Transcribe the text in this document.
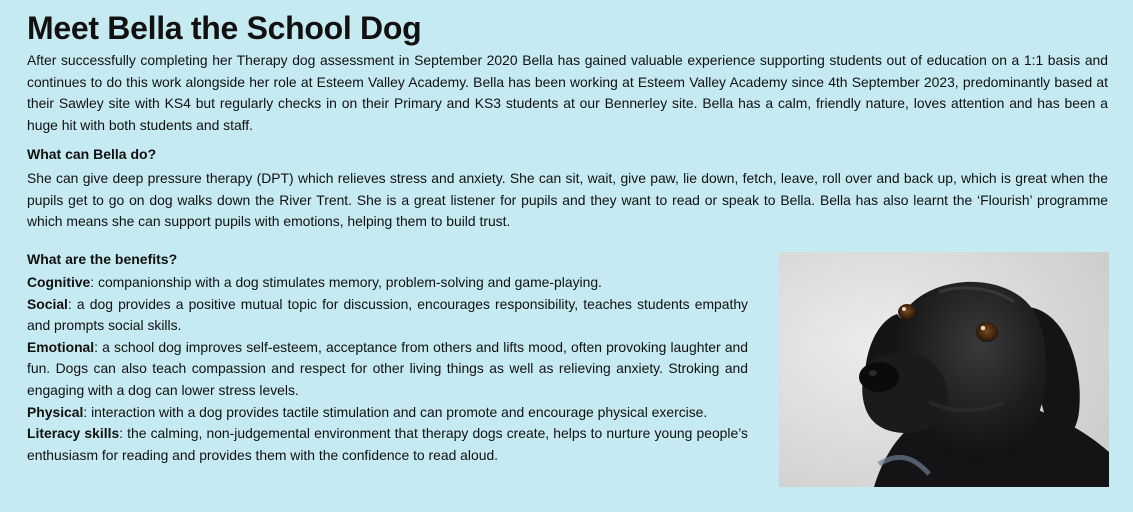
Meet Bella the School Dog

After successfully completing her Therapy dog assessment in September 2020 Bella has gained valuable experience supporting students out of education on a 1:1 basis and continues to do this work alongside her role at Esteem Valley Academy. Bella has been working at Esteem Valley Academy since 4th September 2023, predominantly based at their Sawley site with KS4 but regularly checks in on their Primary and KS3 students at our Bennerley site. Bella has a calm, friendly nature, loves attention and has been a huge hit with both students and staff.

What can Bella do?

She can give deep pressure therapy (DPT) which relieves stress and anxiety. She can sit, wait, give paw, lie down, fetch, leave, roll over and back up, which is great when the pupils get to go on dog walks down the River Trent. She is a great listener for pupils and they want to read or speak to Bella. Bella has also learnt the ‘Flourish’ programme which means she can support pupils with emotions, helping them to build trust.

What are the benefits?

Cognitive: companionship with a dog stimulates memory, problem-solving and game-playing.

Social: a dog provides a positive mutual topic for discussion, encourages responsibility, teaches students empathy and prompts social skills.

Emotional: a school dog improves self-esteem, acceptance from others and lifts mood, often provoking laughter and fun. Dogs can also teach compassion and respect for other living things as well as relieving anxiety. Stroking and engaging with a dog can lower stress levels.

Physical: interaction with a dog provides tactile stimulation and can promote and encourage physical exercise.

Literacy skills: the calming, non-judgemental environment that therapy dogs create, helps to nurture young people’s enthusiasm for reading and provides them with the confidence to read aloud.
